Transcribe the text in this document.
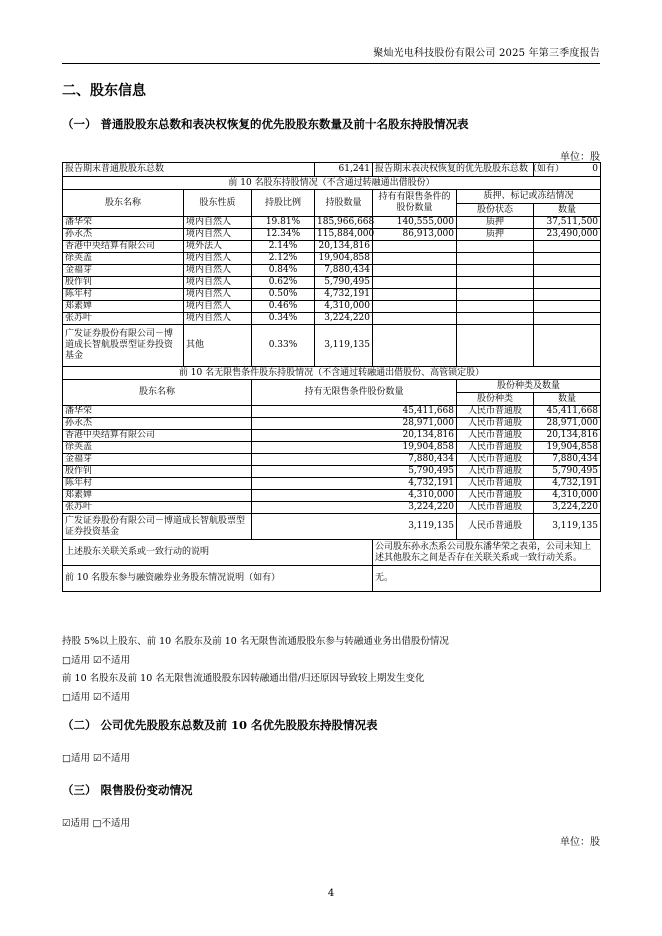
聚灿光电科技股份有限公司 2025 年第三季度报告
二、股东信息
（一） 普通股股东总数和表决权恢复的优先股股东数量及前十名股东持股情况表
单位：股
报告期末普通股股东总数			61,241	报告期末表决权恢复的优先股股东总数（如有）		0
前 10 名股东持股情况（不含通过转融通出借股份）						
股东名称	股东性质	持股比例	持股数量	持有有限售条件的股份数量	质押、标记或冻结情况	
					股份状态	数量
潘华荣	境内自然人	19.81%	185,966,668	140,555,000	质押	37,511,500
孙永杰	境内自然人	12.34%	115,884,000	86,913,000	质押	23,490,000
香港中央结算有限公司	境外法人	2.14%	20,134,816			
徐英盖	境内自然人	2.12%	19,904,858			
金福芽	境内自然人	0.84%	7,880,434			
殷作钊	境内自然人	0.62%	5,790,495			
陈年村	境内自然人	0.50%	4,732,191			
郑素婵	境内自然人	0.46%	4,310,000			
张苏叶	境内自然人	0.34%	3,224,220			
广发证券股份有限公司－博道成长智航股票型证券投资基金	其他	0.33%	3,119,135			
前 10 名无限售条件股东持股情况（不含通过转融通出借股份、高管锁定股）						
股东名称		持有无限售条件股份数量			股份种类及数量	
					股份种类	数量
潘华荣		45,411,668			人民币普通股	45,411,668
孙永杰		28,971,000			人民币普通股	28,971,000
香港中央结算有限公司		20,134,816			人民币普通股	20,134,816
徐英盖		19,904,858			人民币普通股	19,904,858
金福芽		7,880,434			人民币普通股	7,880,434
殷作钊		5,790,495			人民币普通股	5,790,495
陈年村		4,732,191			人民币普通股	4,732,191
郑素婵		4,310,000			人民币普通股	4,310,000
张苏叶		3,224,220			人民币普通股	3,224,220
广发证券股份有限公司－博道成长智航股票型证券投资基金		3,119,135			人民币普通股	3,119,135
上述股东关联关系或一致行动的说明				公司股东孙永杰系公司股东潘华荣之表弟，公司未知上述其他股东之间是否存在关联关系或一致行动关系。		
前 10 名股东参与融资融券业务股东情况说明（如有）				无。		
持股 5%以上股东、前 10 名股东及前 10 名无限售流通股股东参与转融通业务出借股份情况
□适用 ☑不适用
前 10 名股东及前 10 名无限售流通股股东因转融通出借/归还原因导致较上期发生变化
□适用 ☑不适用
（二） 公司优先股股东总数及前 10 名优先股股东持股情况表
□适用 ☑不适用
（三） 限售股份变动情况
☑适用 □不适用
单位：股
4
